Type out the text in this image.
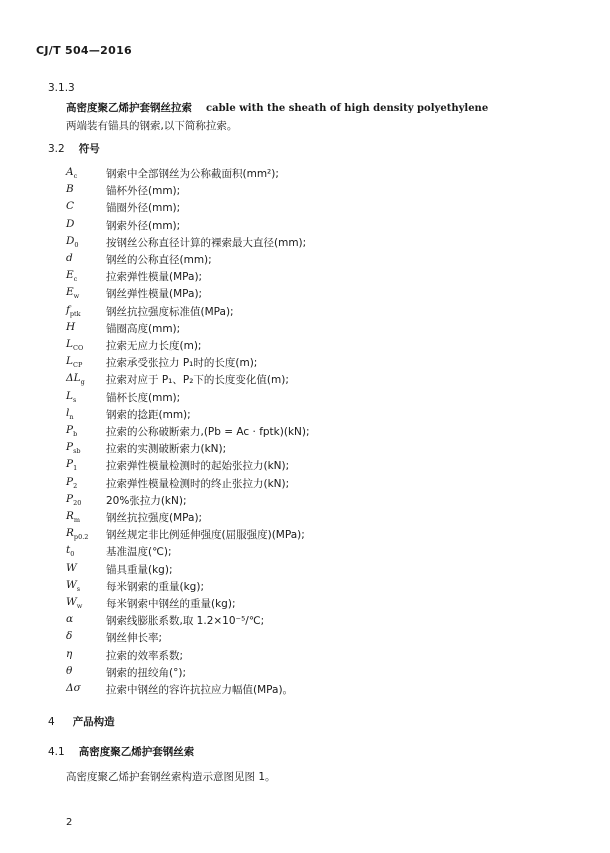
CJ/T 504—2016
3.1.3
高密度聚乙烯护套钢丝拉索 cable with the sheath of high density polyethylene
两端装有锚具的钢索,以下简称拉索。
3.2 符号
$A_c$	钢索中全部钢丝为公称截面积(mm²);
B	锚杯外径(mm);
C	锚圈外径(mm);
D	钢索外径(mm);
$D_0$	按钢丝公称直径计算的裸索最大直径(mm);
d	钢丝的公称直径(mm);
$E_c$	拉索弹性模量(MPa);
$E_w$	钢丝弹性模量(MPa);
$f_{ptk}$	钢丝抗拉强度标准值(MPa);
H	锚圈高度(mm);
$L_{CO}$	拉索无应力长度(m);
$L_{CP}$	拉索承受张拉力 P₁时的长度(m);
$\Delta L_g$	拉索对应于 P₁、P₂下的长度变化值(m);
$L_s$	锚杯长度(mm);
$l_n$	钢索的捻距(mm);
$P_b$	拉索的公称破断索力,(Pb = Ac · fptk)(kN);
$P_{sb}$	拉索的实测破断索力(kN);
$P_1$	拉索弹性模量检测时的起始张拉力(kN);
$P_2$	拉索弹性模量检测时的终止张拉力(kN);
$P_{20}$	20%张拉力(kN);
$R_m$	钢丝抗拉强度(MPa);
$R_{p0.2}$	钢丝规定非比例延伸强度(屈服强度)(MPa);
$t_0$	基准温度(℃);
W	锚具重量(kg);
$W_s$	每米钢索的重量(kg);
$W_w$	每米钢索中钢丝的重量(kg);
α	钢索线膨胀系数,取 1.2×10⁻⁵/℃;
δ	钢丝伸长率;
η	拉索的效率系数;
θ	钢索的扭绞角(°);
Δσ	拉索中钢丝的容许抗拉应力幅值(MPa)。
4 产品构造
4.1 高密度聚乙烯护套钢丝索
高密度聚乙烯护套钢丝索构造示意图见图 1。
2
